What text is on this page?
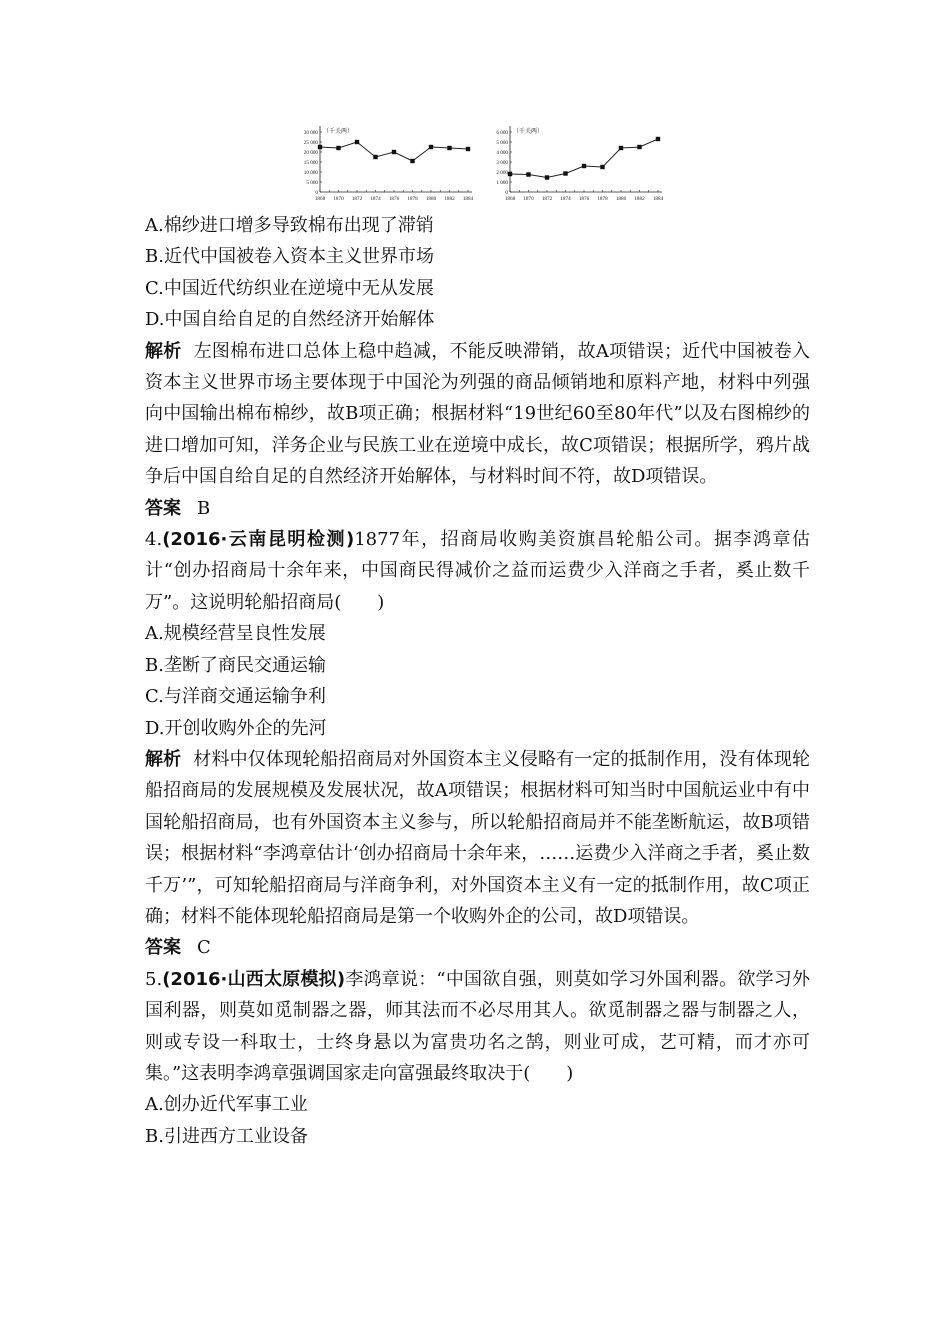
（千关两）
30 000
25 000
20 000
15 000
10 000
5 000
0
1868 1870 1872 1874 1876 1878 1880 1882 1884
（千关两）
6 000
5 000
4 000
3 000
2 000
1 000
0
1868 1870 1872 1874 1876 1878 1880 1882 1884
A.棉纱进口增多导致棉布出现了滞销
B.近代中国被卷入资本主义世界市场
C.中国近代纺织业在逆境中无从发展
D.中国自给自足的自然经济开始解体
解析 左图棉布进口总体上稳中趋减，不能反映滞销，故A项错误；近代中国被卷入资本主义世界市场主要体现于中国沦为列强的商品倾销地和原料产地，材料中列强向中国输出棉布棉纱，故B项正确；根据材料“19世纪60至80年代”以及右图棉纱的进口增加可知，洋务企业与民族工业在逆境中成长，故C项错误；根据所学，鸦片战争后中国自给自足的自然经济开始解体，与材料时间不符，故D项错误。
答案 B
4.(2016·云南昆明检测)1877年，招商局收购美资旗昌轮船公司。据李鸿章估计“创办招商局十余年来，中国商民得减价之益而运费少入洋商之手者，奚止数千万”。这说明轮船招商局(　　)
A.规模经营呈良性发展
B.垄断了商民交通运输
C.与洋商交通运输争利
D.开创收购外企的先河
解析 材料中仅体现轮船招商局对外国资本主义侵略有一定的抵制作用，没有体现轮船招商局的发展规模及发展状况，故A项错误；根据材料可知当时中国航运业中有中国轮船招商局，也有外国资本主义参与，所以轮船招商局并不能垄断航运，故B项错误；根据材料“李鸿章估计‘创办招商局十余年来，……运费少入洋商之手者，奚止数千万’”，可知轮船招商局与洋商争利，对外国资本主义有一定的抵制作用，故C项正确；材料不能体现轮船招商局是第一个收购外企的公司，故D项错误。
答案 C
5.(2016·山西太原模拟)李鸿章说：“中国欲自强，则莫如学习外国利器。欲学习外国利器，则莫如觅制器之器，师其法而不必尽用其人。欲觅制器之器与制器之人，则或专设一科取士，士终身悬以为富贵功名之鹄，则业可成，艺可精，而才亦可集。”这表明李鸿章强调国家走向富强最终取决于(　　)
A.创办近代军事工业
B.引进西方工业设备
